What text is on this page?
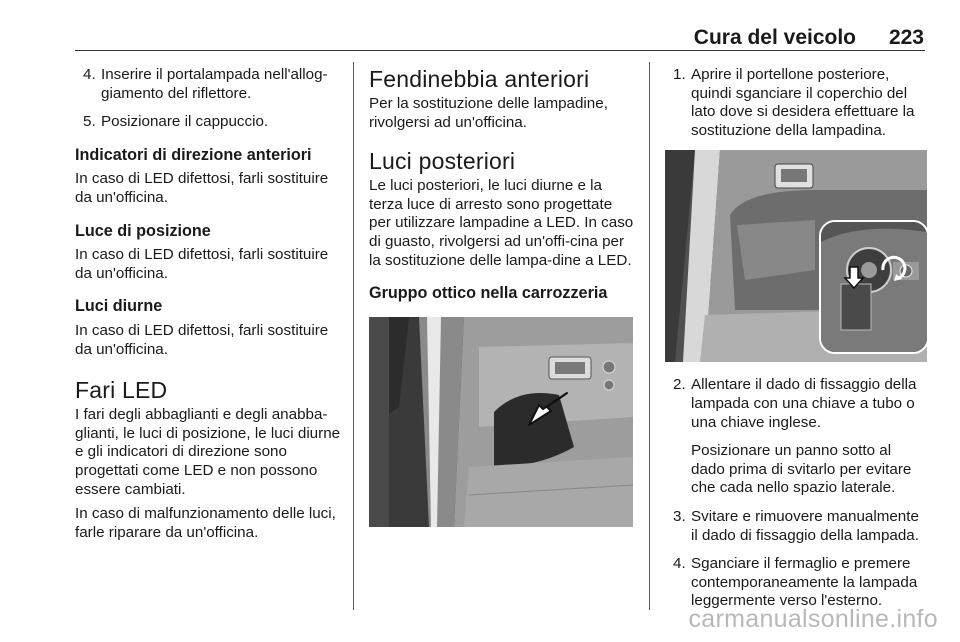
Cura del veicolo 223
4. Inserire il portalampada nell'allog-giamento del riflettore.
5. Posizionare il cappuccio.
Indicatori di direzione anteriori

In caso di LED difettosi, farli sostituire da un'officina.

Luce di posizione

In caso di LED difettosi, farli sostituire da un'officina.

Luci diurne

In caso di LED difettosi, farli sostituire da un'officina.

Fari LED

I fari degli abbaglianti e degli anabba-glianti, le luci di posizione, le luci diurne e gli indicatori di direzione sono progettati come LED e non possono essere cambiati.

In caso di malfunzionamento delle luci, farle riparare da un'officina.

Fendinebbia anteriori

Per la sostituzione delle lampadine, rivolgersi ad un'officina.

Luci posteriori

Le luci posteriori, le luci diurne e la terza luce di arresto sono progettate per utilizzare lampadine a LED. In caso di guasto, rivolgersi ad un'offi-cina per la sostituzione delle lampa-dine a LED.

Gruppo ottico nella carrozzeria
1. Aprire il portellone posteriore, quindi sganciare il coperchio del lato dove si desidera effettuare la sostituzione della lampadina.
2. Allentare il dado di fissaggio della lampada con una chiave a tubo o una chiave inglese.

Posizionare un panno sotto al dado prima di svitarlo per evitare che cada nello spazio laterale.

3. Svitare e rimuovere manualmente il dado di fissaggio della lampada.
4. Sganciare il fermaglio e premere contemporaneamente la lampada leggermente verso l'esterno.
carmanualsonline.info
